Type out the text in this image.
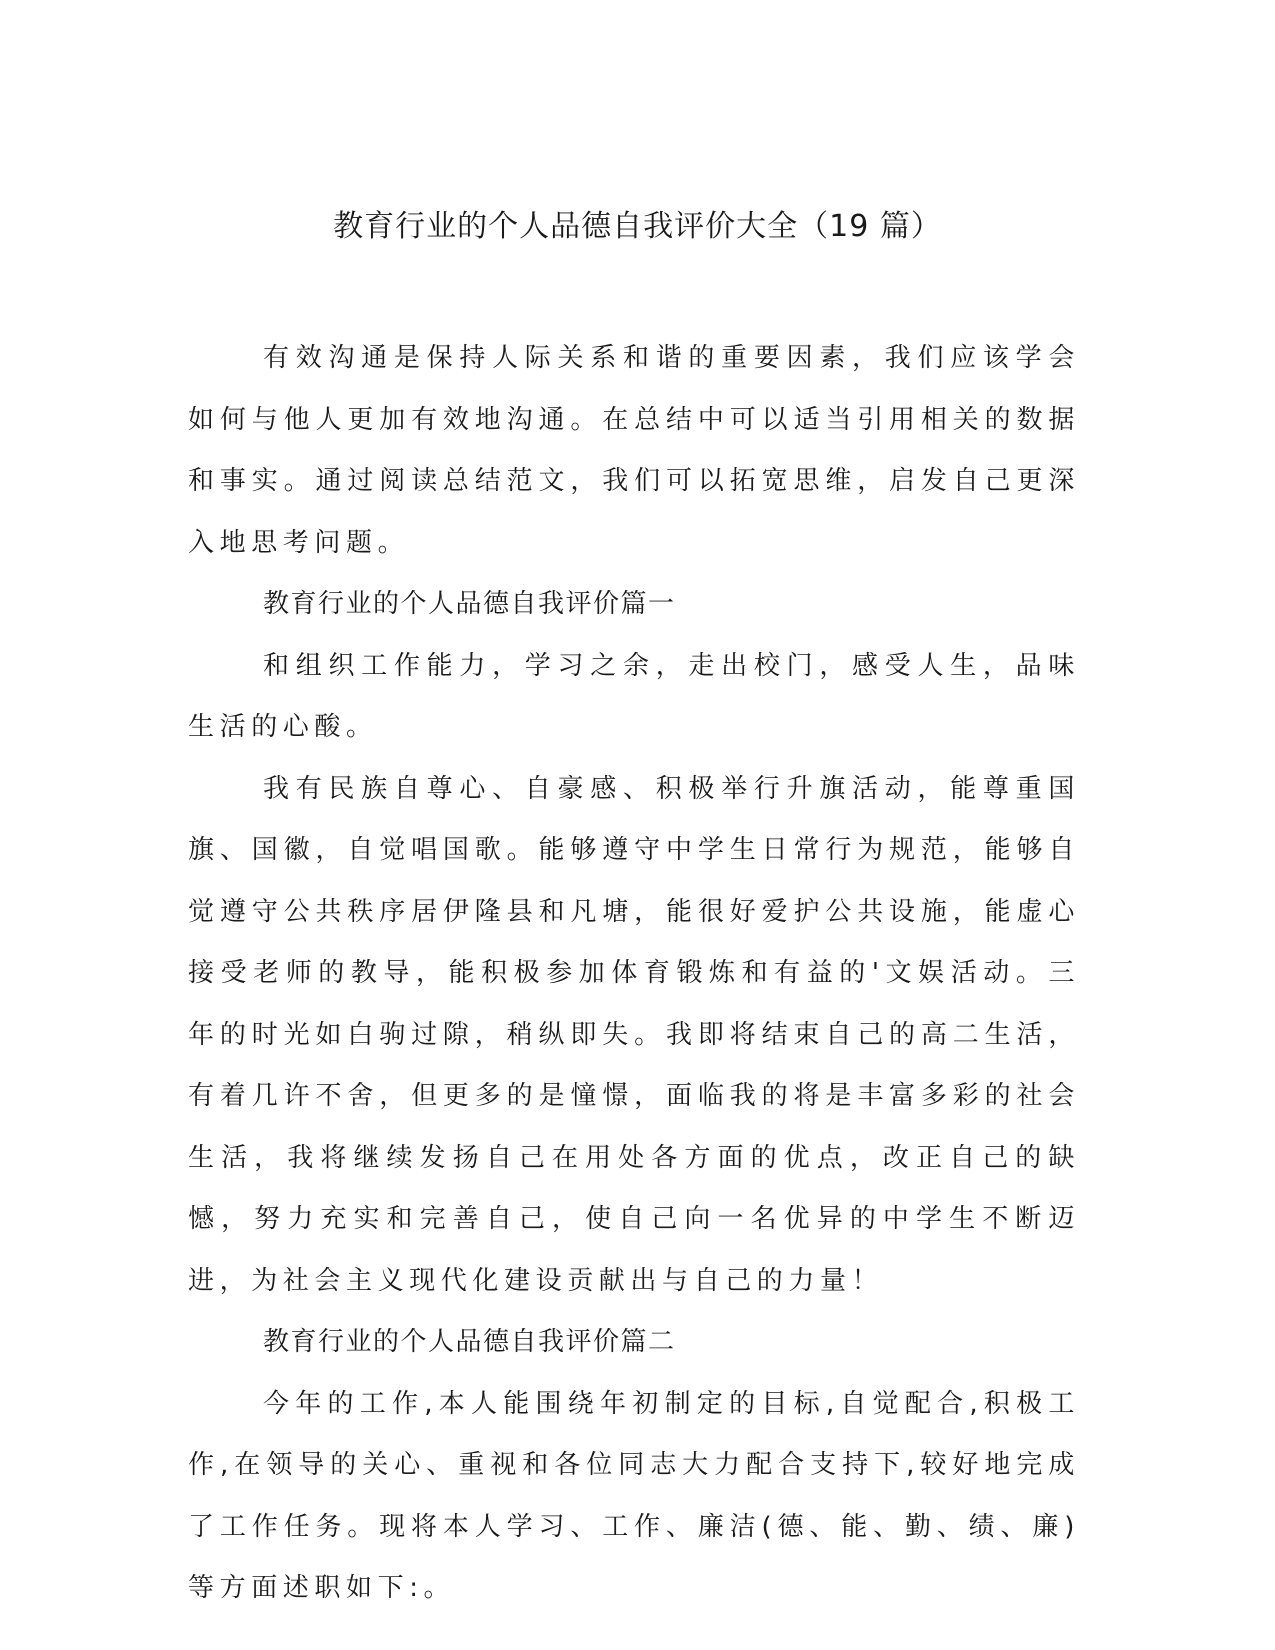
教育行业的个人品德自我评价大全（19 篇）

有效沟通是保持人际关系和谐的重要因素，我们应该学会如何与他人更加有效地沟通。在总结中可以适当引用相关的数据和事实。通过阅读总结范文，我们可以拓宽思维，启发自己更深入地思考问题。

教育行业的个人品德自我评价篇一

和组织工作能力，学习之余，走出校门，感受人生，品味生活的心酸。

我有民族自尊心、自豪感、积极举行升旗活动，能尊重国旗、国徽，自觉唱国歌。能够遵守中学生日常行为规范，能够自觉遵守公共秩序居伊隆县和凡塘，能很好爱护公共设施，能虚心接受老师的教导，能积极参加体育锻炼和有益的'文娱活动。三年的时光如白驹过隙，稍纵即失。我即将结束自己的高二生活，有着几许不舍，但更多的是憧憬，面临我的将是丰富多彩的社会生活，我将继续发扬自己在用处各方面的优点，改正自己的缺憾，努力充实和完善自己，使自己向一名优异的中学生不断迈进，为社会主义现代化建设贡献出与自己的力量！

教育行业的个人品德自我评价篇二

今年的工作,本人能围绕年初制定的目标,自觉配合,积极工作,在领导的关心、重视和各位同志大力配合支持下,较好地完成了工作任务。现将本人学习、工作、廉洁(德、能、勤、绩、廉)等方面述职如下:。
